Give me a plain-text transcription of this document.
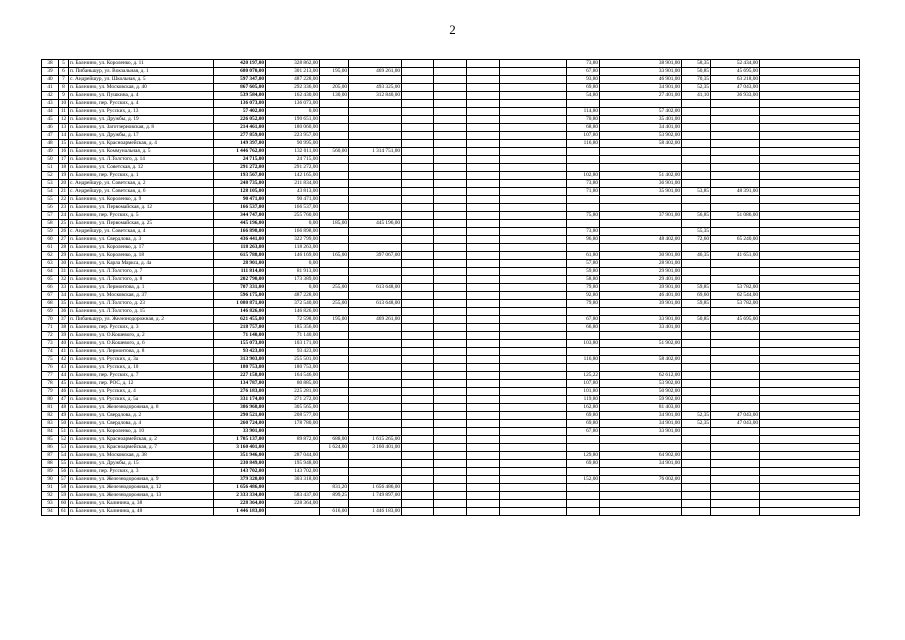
2
38	5	п. Балезино, ул. Короленко, д. 11	420 197,00	328 862,00							73,80	38 901,00	58,35	52 434,00	
39	6	п. Пибаньшур, ул. Вокзальная, д. 1	680 070,00	301 213,00	195,00	469 261,00					67,80	33 901,00	50,85	45 695,00	
40	7	с. Андрейшур, ул. Школьная, д. 5	597 347,00	487 228,00							93,80	46 901,00	70,35	63 218,00	
41	8	п. Балезино, ул. Московская, д. 40	867 605,00	292 336,00	205,00	493 325,00					69,80	34 901,00	52,35	47 043,00	
42	9	п. Балезино, ул. Пушкина, д. 4	539 584,00	162 430,00	130,00	312 840,00					54,80	27 401,00	41,10	36 933,00	
43	10	п. Балезино, пер. Русских, д. 4	136 073,00	136 073,00											
44	11	п. Балезино, ул. Русских, д. 13	57 402,00	0,00							114,80	57 402,00			
45	12	п. Балезино, ул. Дружбы, д. 19	226 052,00	190 651,00							70,80	35 401,00			
46	13	п. Балезино, ул. Заготзерновская, д. 8	214 461,00	180 060,00							68,80	34 401,00			
47	14	п. Балезино, ул. Дружбы, д. 17	277 859,00	223 957,00							107,80	53 902,00			
48	15	п. Балезино, ул. Красноармейская, д. 4	149 397,00	90 995,00							116,80	58 402,00			
49	16	п. Балезино, ул. Коммунальная, д. 5	1 446 762,00	132 011,00	560,00	1 314 751,00									
50	17	п. Балезино, ул. Л.Толстого, д. 14	24 715,00	24 715,00											
51	18	п. Балезино, ул. Советская, д. 12	291 272,00	291 272,00											
52	19	п. Балезино, пер. Русских, д. 1	193 567,00	142 165,00							102,80	51 402,00			
53	20	с. Андрейшур, ул. Советская, д. 2	248 735,00	211 834,00							73,80	36 901,00			
54	21	с. Андрейшур, ул. Советская, д. 6	128 105,00	43 813,00							71,80	35 901,00	53,85	48 391,00	
55	22	п. Балезино, ул. Короленко, д. 9	90 471,00	90 471,00											
56	23	п. Балезино, ул. Первомайская, д. 12	166 537,00	166 537,00											
57	24	п. Балезино, пер. Русских, д. 5	344 747,00	255 760,00							75,80	37 901,00	56,85	51 086,00	
58	25	п. Балезино, ул. Первомайская, д. 25	445 196,00	0,00	185,00	445 196,00									
59	26	с. Андрейшур, ул. Советская, д. 4	166 898,00	166 898,00							73,80		55,35		
60	27	п. Балезино, ул. Свердлова, д. 3	436 441,00	322 799,00							96,80	48 402,00	72,60	65 240,00	
61	28	п. Балезино, ул. Короленко, д. 17	118 263,00	118 263,00											
62	29	п. Балезино, ул. Короленко, д. 18	615 788,00	146 169,00	165,00	397 067,00					61,80	30 901,00	46,35	41 651,00	
63	30	п. Балезино, ул. Карла Маркса, д. 4а	28 901,00	0,00							57,80	28 901,00			
64	31	п. Балезино, ул. Л.Толстого, д. 7	111 814,00	81 913,00							59,80	29 901,00			
65	32	п. Балезино, ул. Л.Толстого, д. 8	202 790,00	173 389,00							58,80	29 401,00			
66	33	п. Балезино, ул. Лермонтова, д. 1	707 331,00	0,00	255,00	613 648,00					79,80	39 901,00	59,85	53 782,00	
67	34	п. Балезино, ул. Московская, д. 37	596 175,00	487 228,00							92,80	46 401,00	69,60	62 544,00	
68	35	п. Балезино, ул. Л.Толстого, д. 23	1 080 871,00	372 540,00	255,00	613 648,00					79,80	39 901,00	59,85	53 782,00	
69	36	п. Балезино, ул. Л.Толстого, д. 15	146 826,00	146 826,00											
70	37	п. Пибаньшур, ул. Железнодорожная, д. 2	621 455,00	72 598,00	195,00	469 261,00					67,80	33 901,00	50,85	45 695,00	
71	38	п. Балезино, пер. Русских, д. 3	218 757,00	185 356,00							66,80	33 401,00			
72	39	п. Балезино, ул. О.Кошевого, д. 2	71 140,00	71 140,00											
73	40	п. Балезино, ул. О.Кошевого, д. 6	155 073,00	103 171,00							103,80	51 902,00			
74	41	п. Балезино, ул. Лермонтова, д. 8	93 423,00	93 423,00											
75	42	п. Балезино, ул. Русских, д. 3а	313 903,00	255 501,00							116,80	58 402,00			
76	43	п. Балезино, ул. Русских, д. 10	180 753,00	180 753,00											
77	44	п. Балезино, пер. Русских, д. 7	227 158,00	164 546,00							125,22	62 612,00			
78	45	п. Балезино, пер. РОС, д. 12	134 787,00	80 885,00							107,80	53 902,00			
79	46	п. Балезино, ул. Русских, д. 4	276 183,00	225 281,00							101,80	50 902,00			
80	47	п. Балезино, ул. Русских, д. 5а	331 174,00	271 272,00							119,80	59 902,00			
81	48	п. Балезино, ул. Железнодорожная, д. 8	386 968,00	305 565,00							162,80	81 403,00			
82	49	п. Балезино, ул. Свердлова, д. 2	290 521,00	208 577,00							69,80	34 901,00	52,35	47 043,00	
83	50	п. Балезино, ул. Свердлова, д. 4	260 724,00	178 780,00							69,80	34 901,00	52,35	47 043,00	
84	51	п. Балезино, ул. Короленко, д. 10	33 901,00								67,80	33 901,00			
85	52	п. Балезино, ул. Красноармейская, д. 2	1 705 137,00	89 872,00	688,00	1 615 265,00									
86	53	п. Балезино, ул. Красноармейская, д. 7	3 160 401,00		1 624,00	3 160 401,00									
87	54	п. Балезино, ул. Московская, д. 38	351 946,00	287 044,00							129,80	64 902,00			
88	55	п. Балезино, ул. Дружбы, д. 15	230 849,00	195 948,00							69,80	34 901,00			
89	56	п. Балезино, пер. Русских, д. 3	143 702,00	143 702,00											
90	57	п. Балезино, ул. Железнодорожная, д. 9	379 320,00	303 318,00							152,00	76 002,00			
91	58	п. Балезино, ул. Железнодорожная, д. 12	1 656 486,00		831,20	1 656 486,00									
92	59	п. Балезино, ул. Железнодорожная, д. 13	2 333 334,00	583 437,00	899,25	1 749 897,00									
93	60	п. Балезино, ул. Калинина, д. 38	228 364,00	228 364,00											
94	61	п. Балезино, ул. Калинина, д. 48	1 446 183,00		616,00	1 446 183,00									
